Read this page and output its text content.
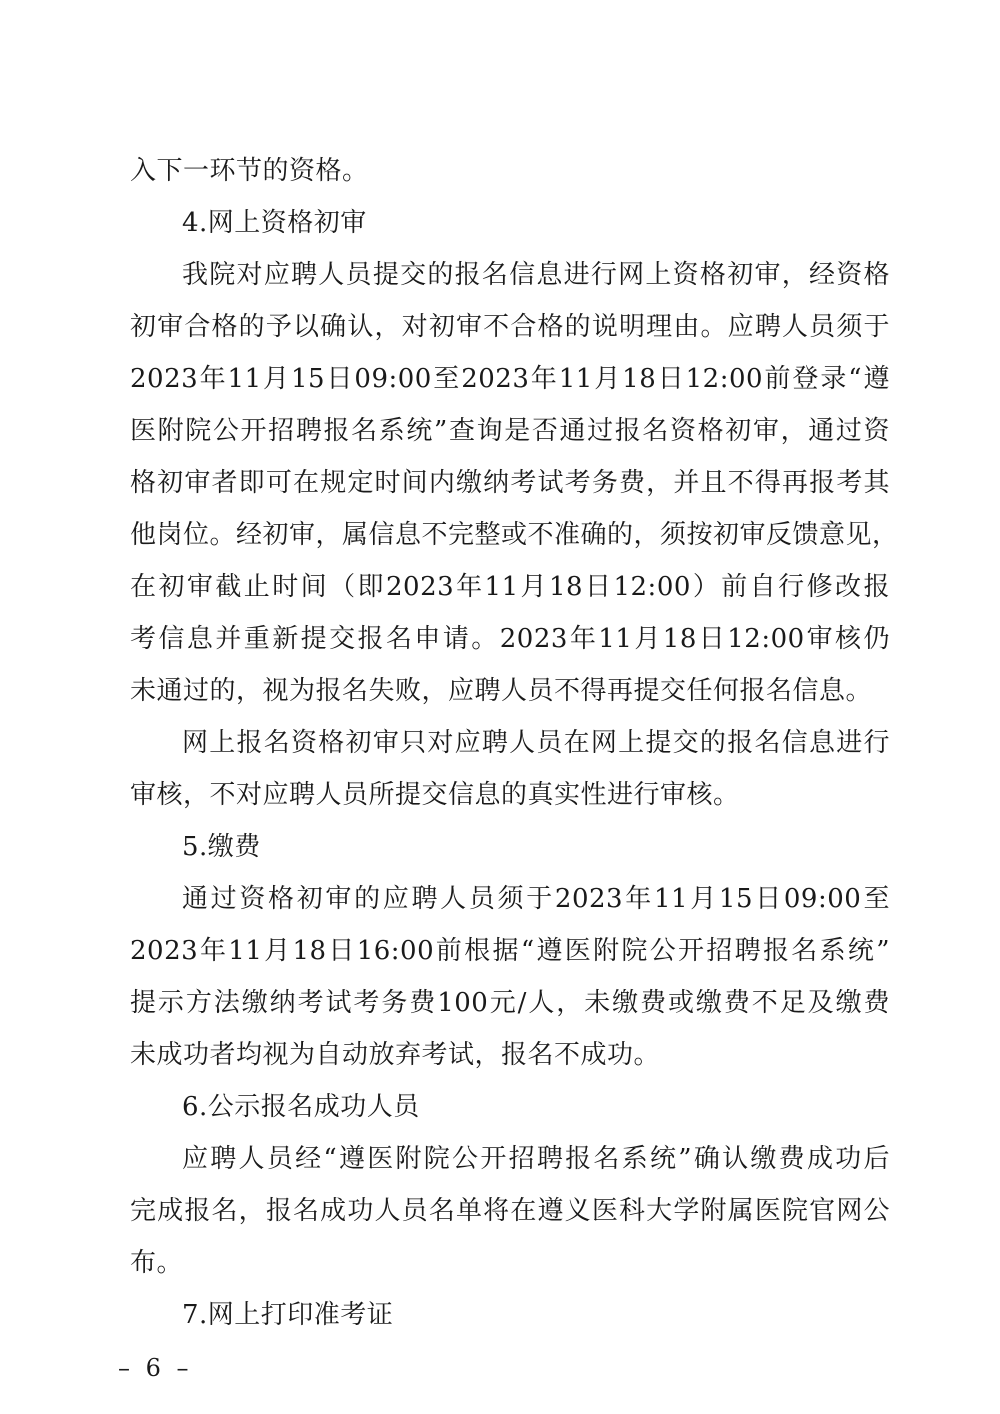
入下一环节的资格。
4.网上资格初审
我院对应聘人员提交的报名信息进行网上资格初审，经资格
初审合格的予以确认，对初审不合格的说明理由。应聘人员须于
2023年11月15日09:00至2023年11月18日12:00前登录“遵
医附院公开招聘报名系统”查询是否通过报名资格初审，通过资
格初审者即可在规定时间内缴纳考试考务费，并且不得再报考其
他岗位。经初审，属信息不完整或不准确的，须按初审反馈意见，
在初审截止时间（即2023年11月18日12:00）前自行修改报
考信息并重新提交报名申请。2023年11月18日12:00审核仍
未通过的，视为报名失败，应聘人员不得再提交任何报名信息。
网上报名资格初审只对应聘人员在网上提交的报名信息进行
审核，不对应聘人员所提交信息的真实性进行审核。
5.缴费
通过资格初审的应聘人员须于2023年11月15日09:00至
2023年11月18日16:00前根据“遵医附院公开招聘报名系统”
提示方法缴纳考试考务费100元/人，未缴费或缴费不足及缴费
未成功者均视为自动放弃考试，报名不成功。
6.公示报名成功人员
应聘人员经“遵医附院公开招聘报名系统”确认缴费成功后
完成报名，报名成功人员名单将在遵义医科大学附属医院官网公
布。
7.网上打印准考证
– 6 –
